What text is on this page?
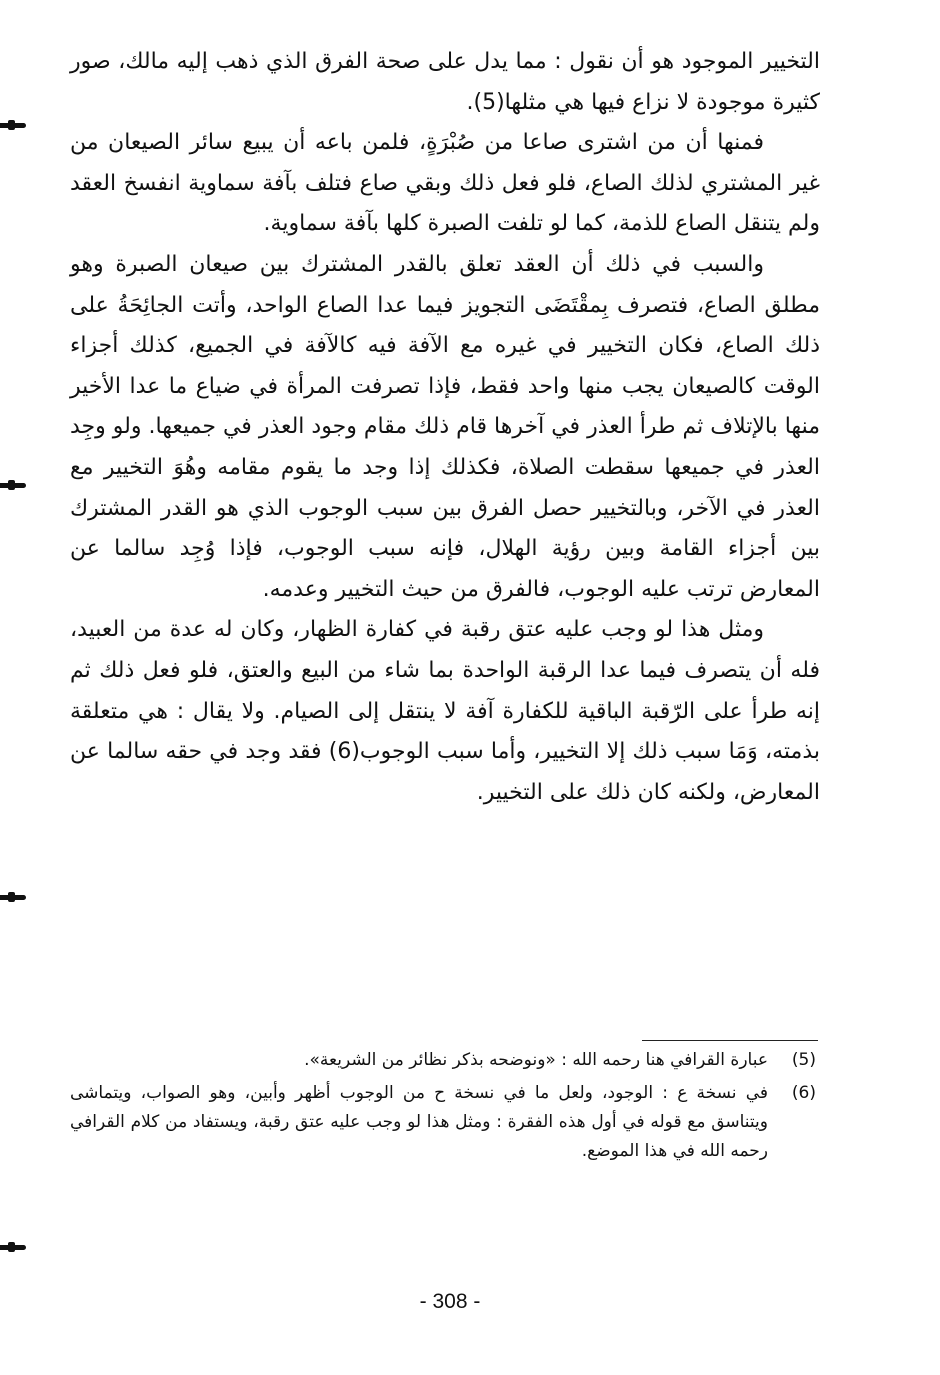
التخيير الموجود هو أن نقول : مما يدل على صحة الفرق الذي ذهب إليه مالك، صور كثيرة موجودة لا نزاع فيها هي مثلها(5).

فمنها أن من اشترى صاعا من صُبْرَةٍ، فلمن باعه أن يبيع سائر الصيعان من غير المشتري لذلك الصاع، فلو فعل ذلك وبقي صاع فتلف بآفة سماوية انفسخ العقد ولم يتنقل الصاع للذمة، كما لو تلفت الصبرة كلها بآفة سماوية.

والسبب في ذلك أن العقد تعلق بالقدر المشترك بين صيعان الصبرة وهو مطلق الصاع، فتصرف بِمقْتَضَى التجويز فيما عدا الصاع الواحد، وأتت الجائِحَةُ على ذلك الصاع، فكان التخيير في غيره مع الآفة فيه كالآفة في الجميع، كذلك أجزاء الوقت كالصيعان يجب منها واحد فقط، فإذا تصرفت المرأة في ضياع ما عدا الأخير منها بالإتلاف ثم طرأ العذر في آخرها قام ذلك مقام وجود العذر في جميعها. ولو وجِد العذر في جميعها سقطت الصلاة، فكذلك إذا وجد ما يقوم مقامه وهُوَ التخيير مع العذر في الآخر، وبالتخيير حصل الفرق بين سبب الوجوب الذي هو القدر المشترك بين أجزاء القامة وبين رؤية الهلال، فإنه سبب الوجوب، فإذا وُجِد سالما عن المعارض ترتب عليه الوجوب، فالفرق من حيث التخيير وعدمه.

ومثل هذا لو وجب عليه عتق رقبة في كفارة الظهار، وكان له عدة من العبيد، فله أن يتصرف فيما عدا الرقبة الواحدة بما شاء من البيع والعتق، فلو فعل ذلك ثم إنه طرأ على الرّقبة الباقية للكفارة آفة لا ينتقل إلى الصيام. ولا يقال : هي متعلقة بذمته، وَمَا سبب ذلك إلا التخيير، وأما سبب الوجوب(6) فقد وجد في حقه سالما عن المعارض، ولكنه كان ذلك على التخيير.

(5)
عبارة القرافي هنا رحمه الله : «ونوضحه بذكر نظائر من الشريعة».
(6)
في نسخة ع : الوجود، ولعل ما في نسخة ح من الوجوب أظهر وأبين، وهو الصواب، ويتماشى ويتناسق مع قوله في أول هذه الفقرة : ومثل هذا لو وجب عليه عتق رقبة، ويستفاد من كلام القرافي رحمه الله في هذا الموضع.
- 308 -
